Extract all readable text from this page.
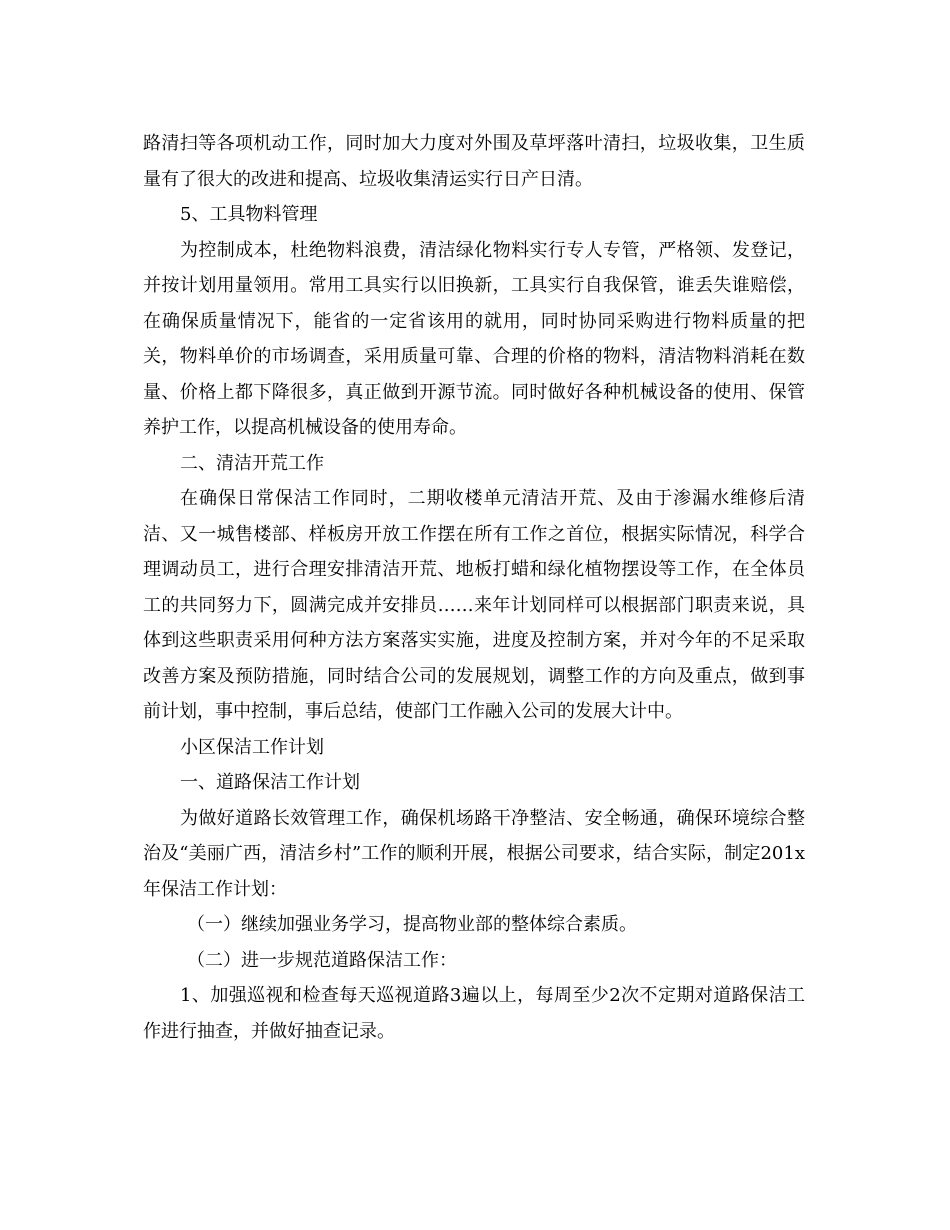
路清扫等各项机动工作，同时加大力度对外围及草坪落叶清扫，垃圾收集，卫生质量有了很大的改进和提高、垃圾收集清运实行日产日清。

5、工具物料管理

为控制成本，杜绝物料浪费，清洁绿化物料实行专人专管，严格领、发登记，并按计划用量领用。常用工具实行以旧换新，工具实行自我保管，谁丢失谁赔偿，在确保质量情况下，能省的一定省该用的就用，同时协同采购进行物料质量的把关，物料单价的市场调查，采用质量可靠、合理的价格的物料，清洁物料消耗在数量、价格上都下降很多，真正做到开源节流。同时做好各种机械设备的使用、保管养护工作，以提高机械设备的使用寿命。

二、清洁开荒工作

在确保日常保洁工作同时，二期收楼单元清洁开荒、及由于渗漏水维修后清洁、又一城售楼部、样板房开放工作摆在所有工作之首位，根据实际情况，科学合理调动员工，进行合理安排清洁开荒、地板打蜡和绿化植物摆设等工作，在全体员工的共同努力下，圆满完成并安排员……来年计划同样可以根据部门职责来说，具体到这些职责采用何种方法方案落实实施，进度及控制方案，并对今年的不足采取改善方案及预防措施，同时结合公司的发展规划，调整工作的方向及重点，做到事前计划，事中控制，事后总结，使部门工作融入公司的发展大计中。

小区保洁工作计划

一、道路保洁工作计划

为做好道路长效管理工作，确保机场路干净整洁、安全畅通，确保环境综合整治及“美丽广西，清洁乡村”工作的顺利开展，根据公司要求，结合实际，制定201x年保洁工作计划：

（一）继续加强业务学习，提高物业部的整体综合素质。

（二）进一步规范道路保洁工作：

1、加强巡视和检查每天巡视道路3遍以上，每周至少2次不定期对道路保洁工作进行抽查，并做好抽查记录。
